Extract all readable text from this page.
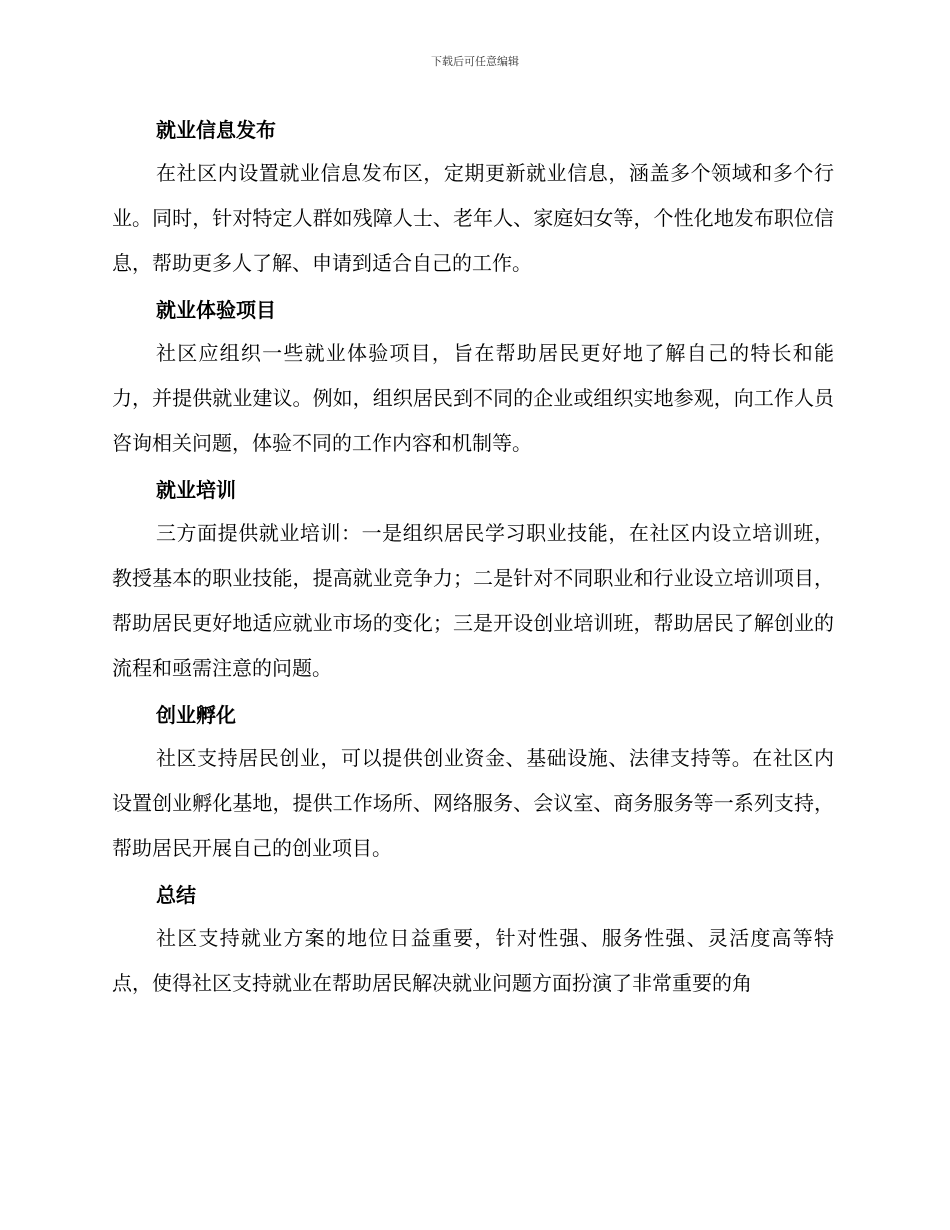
下载后可任意编辑
就业信息发布

在社区内设置就业信息发布区，定期更新就业信息，涵盖多个领域和多个行业。同时，针对特定人群如残障人士、老年人、家庭妇女等，个性化地发布职位信息，帮助更多人了解、申请到适合自己的工作。

就业体验项目

社区应组织一些就业体验项目，旨在帮助居民更好地了解自己的特长和能力，并提供就业建议。例如，组织居民到不同的企业或组织实地参观，向工作人员咨询相关问题，体验不同的工作内容和机制等。

就业培训

三方面提供就业培训：一是组织居民学习职业技能，在社区内设立培训班，教授基本的职业技能，提高就业竞争力；二是针对不同职业和行业设立培训项目，帮助居民更好地适应就业市场的变化；三是开设创业培训班，帮助居民了解创业的流程和亟需注意的问题。

创业孵化

社区支持居民创业，可以提供创业资金、基础设施、法律支持等。在社区内设置创业孵化基地，提供工作场所、网络服务、会议室、商务服务等一系列支持，帮助居民开展自己的创业项目。

总结

社区支持就业方案的地位日益重要，针对性强、服务性强、灵活度高等特点，使得社区支持就业在帮助居民解决就业问题方面扮演了非常重要的角
